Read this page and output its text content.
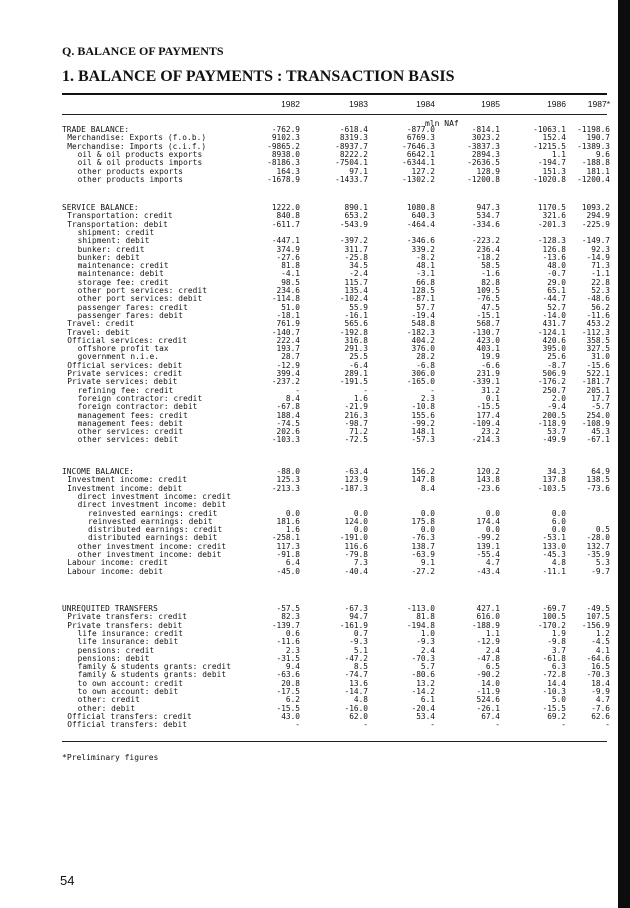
Q. BALANCE OF PAYMENTS
1. BALANCE OF PAYMENTS : TRANSACTION BASIS
1982	1983	1984	1985	1986	1987*
mln NAf
TRADE BALANCE:	-762.9	-618.4	-877.0	-814.1	-1063.1	-1198.6
Merchandise: Exports (f.o.b.)	9102.3	8319.3	6769.3	3023.2	152.4	190.7
Merchandise: Imports (c.i.f.)	-9865.2	-8937.7	-7646.3	-3837.3	-1215.5	-1389.3
oil & oil products exports	8938.0	8222.2	6642.1	2894.3	1.1	9.6
oil & oil products imports	-8186.3	-7504.1	-6344.1	-2636.5	-194.7	-188.8
other products exports	164.3	97.1	127.2	128.9	151.3	181.1
other products imports	-1678.9	-1433.7	-1302.2	-1200.8	-1020.8	-1200.4
SERVICE BALANCE:	1222.0	890.1	1080.8	947.3	1170.5	1093.2
Transportation: credit	840.8	653.2	640.3	534.7	321.6	294.9
Transportation: debit	-611.7	-543.9	-464.4	-334.6	-201.3	-225.9
shipment: credit
shipment: debit	-447.1	-397.2	-346.6	-223.2	-128.3	-149.7
bunker: credit	374.9	311.7	339.2	236.4	126.8	92.3
bunker: debit	-27.6	-25.8	-8.2	-18.2	-13.6	-14.9
maintenance: credit	81.8	34.5	48.1	58.5	48.0	71.3
maintenance: debit	-4.1	-2.4	-3.1	-1.6	-0.7	-1.1
storage fee: credit	98.5	115.7	66.8	82.8	29.0	22.8
other port services: credit	234.6	135.4	128.5	109.5	65.1	52.3
other port services: debit	-114.8	-102.4	-87.1	-76.5	-44.7	-48.6
passenger fares: credit	51.0	55.9	57.7	47.5	52.7	56.2
passenger fares: debit	-18.1	-16.1	-19.4	-15.1	-14.0	-11.6
Travel: credit	761.9	565.6	548.8	568.7	431.7	453.2
Travel: debit	-140.7	-192.8	-182.3	-130.7	-124.1	-112.3
Official services: credit	222.4	316.8	404.2	423.0	420.6	358.5
offshore profit tax	193.7	291.3	376.0	403.1	395.0	327.5
government n.i.e.	28.7	25.5	28.2	19.9	25.6	31.0
Official services: debit	-12.9	-6.4	-6.8	-6.6	-8.7	-15.6
Private services: credit	399.4	289.1	306.0	231.9	506.9	522.1
Private services: debit	-237.2	-191.5	-165.0	-339.1	-176.2	-181.7
refining fee: credit	-	-	-	31.2	250.7	205.1
foreign contractor: credit	8.4	1.6	2.3	0.1	2.0	17.7
foreign contractor: debit	-67.8	-21.9	-10.8	-15.5	-9.4	-5.7
management fees: credit	188.4	216.3	155.6	177.4	200.5	254.0
management fees: debit	-74.5	-98.7	-99.2	-109.4	-118.9	-108.9
other services: credit	202.6	71.2	148.1	23.2	53.7	45.3
other services: debit	-103.3	-72.5	-57.3	-214.3	-49.9	-67.1
INCOME BALANCE:	-88.0	-63.4	156.2	120.2	34.3	64.9
Investment income: credit	125.3	123.9	147.8	143.8	137.8	138.5
Investment income: debit	-213.3	-187.3	8.4	-23.6	-103.5	-73.6
direct investment income: credit
direct investment income: debit
reinvested earnings: credit	0.0	0.0	0.0	0.0	0.0
reinvested earnings: debit	181.6	124.0	175.8	174.4	6.0
distributed earnings: credit	1.6	0.0	0.0	0.0	0.0	0.5
distributed earnings: debit	-258.1	-191.0	-76.3	-99.2	-53.1	-28.0
other investment income: credit	117.3	116.6	138.7	139.1	133.0	132.7
other investment income: debit	-91.8	-79.8	-63.9	-55.4	-45.3	-35.9
Labour income: credit	6.4	7.3	9.1	4.7	4.8	5.3
Labour income: debit	-45.0	-40.4	-27.2	-43.4	-11.1	-9.7
UNREQUITED TRANSFERS	-57.5	-67.3	-113.0	427.1	-69.7	-49.5
Private transfers: credit	82.3	94.7	81.8	616.0	100.5	107.5
Private transfers: debit	-139.7	-161.9	-194.8	-188.9	-170.2	-156.9
life insurance: credit	0.6	0.7	1.0	1.1	1.9	1.2
life insurance: debit	-11.6	-9.3	-9.3	-12.9	-9.8	-4.5
pensions: credit	2.3	5.1	2.4	2.4	3.7	4.1
pensions: debit	-31.5	-47.2	-70.3	-47.8	-61.8	-64.6
family & students grants: credit	9.4	8.5	5.7	6.5	6.3	16.5
family & students grants: debit	-63.6	-74.7	-80.6	-90.2	-72.8	-70.3
to own account: credit	20.8	13.6	13.2	14.0	14.4	18.4
to own account: debit	-17.5	-14.7	-14.2	-11.9	-10.3	-9.9
other: credit	6.2	4.8	6.1	524.6	5.0	4.7
other: debit	-15.5	-16.0	-20.4	-26.1	-15.5	-7.6
Official transfers: credit	43.0	62.0	53.4	67.4	69.2	62.6
Official transfers: debit	-	-	-	-	-	-
*Preliminary figures
54
